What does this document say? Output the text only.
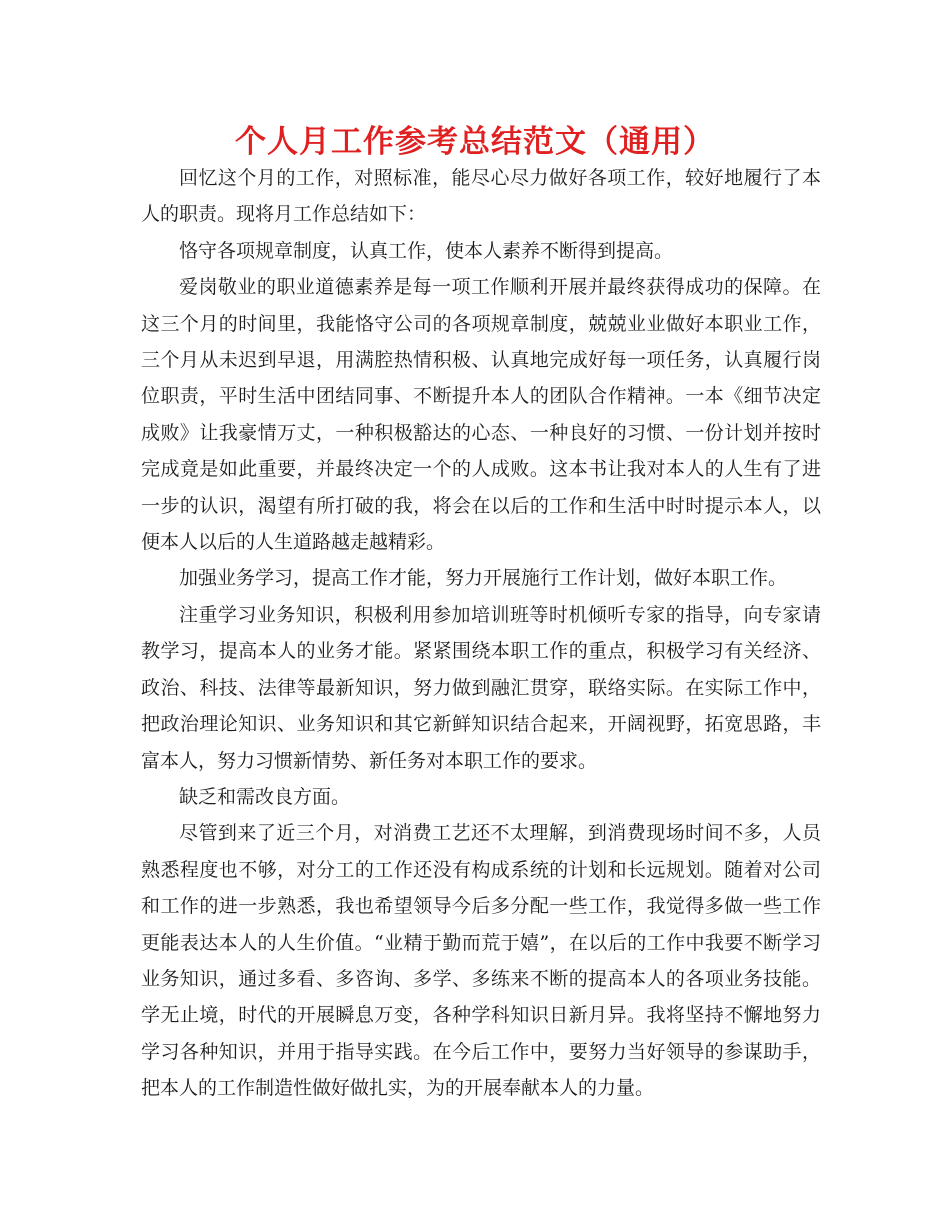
个人月工作参考总结范文（通用）

回忆这个月的工作，对照标准，能尽心尽力做好各项工作，较好地履行了本人的职责。现将月工作总结如下：

恪守各项规章制度，认真工作，使本人素养不断得到提高。

爱岗敬业的职业道德素养是每一项工作顺利开展并最终获得成功的保障。在这三个月的时间里，我能恪守公司的各项规章制度，兢兢业业做好本职业工作，三个月从未迟到早退，用满腔热情积极、认真地完成好每一项任务，认真履行岗位职责，平时生活中团结同事、不断提升本人的团队合作精神。一本《细节决定成败》让我豪情万丈，一种积极豁达的心态、一种良好的习惯、一份计划并按时完成竟是如此重要，并最终决定一个的人成败。这本书让我对本人的人生有了进一步的认识，渴望有所打破的我，将会在以后的工作和生活中时时提示本人，以便本人以后的人生道路越走越精彩。

加强业务学习，提高工作才能，努力开展施行工作计划，做好本职工作。

注重学习业务知识，积极利用参加培训班等时机倾听专家的指导，向专家请教学习，提高本人的业务才能。紧紧围绕本职工作的重点，积极学习有关经济、政治、科技、法律等最新知识，努力做到融汇贯穿，联络实际。在实际工作中，把政治理论知识、业务知识和其它新鲜知识结合起来，开阔视野，拓宽思路，丰富本人，努力习惯新情势、新任务对本职工作的要求。

缺乏和需改良方面。

尽管到来了近三个月，对消费工艺还不太理解，到消费现场时间不多，人员熟悉程度也不够，对分工的工作还没有构成系统的计划和长远规划。随着对公司和工作的进一步熟悉，我也希望领导今后多分配一些工作，我觉得多做一些工作更能表达本人的人生价值。“业精于勤而荒于嬉”，在以后的工作中我要不断学习业务知识，通过多看、多咨询、多学、多练来不断的提高本人的各项业务技能。学无止境，时代的开展瞬息万变，各种学科知识日新月异。我将坚持不懈地努力学习各种知识，并用于指导实践。在今后工作中，要努力当好领导的参谋助手，把本人的工作制造性做好做扎实，为的开展奉献本人的力量。
